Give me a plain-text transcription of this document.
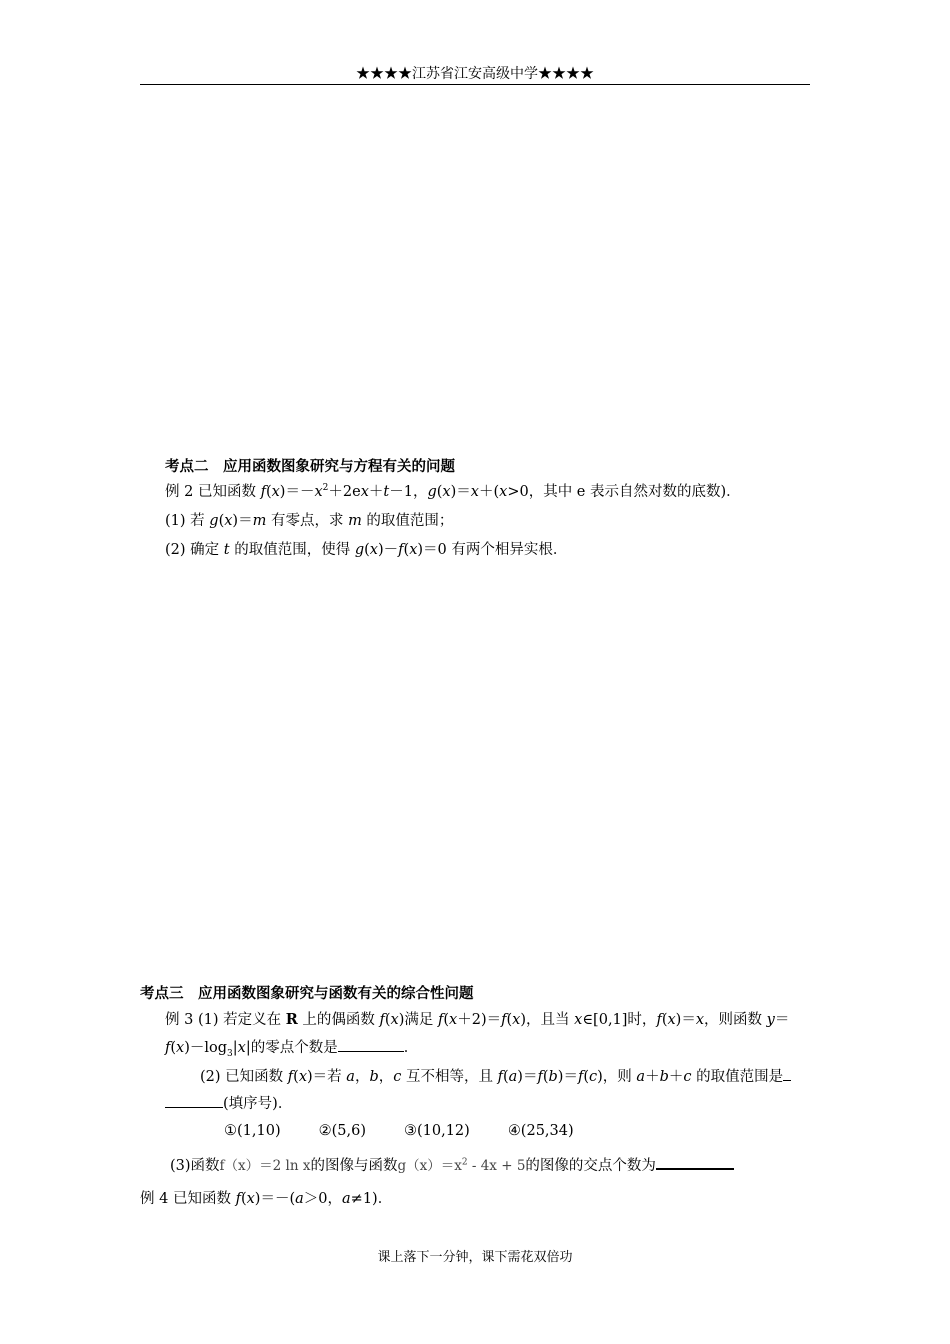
★★★★江苏省江安高级中学★★★★
考点二　应用函数图象研究与方程有关的问题
例 2 已知函数 $f(x)=-x^2+2ex+t-1$，g(x)＝x＋(x>0，其中 e 表示自然对数的底数)．
(1) 若 g(x)＝m 有零点，求 m 的取值范围；
(2) 确定 t 的取值范围，使得 g(x)－f(x)＝0 有两个相异实根．
考点三　应用函数图象研究与函数有关的综合性问题
例 3 (1) 若定义在 R 上的偶函数 f(x)满足 f(x＋2)＝f(x)，且当 x∈[0,1]时，f(x)＝x，则函数 y＝
$f(x)-\log_3|x|$的零点个数是	．
(2) 已知函数 f(x)＝若 a，b，c 互不相等，且 f(a)＝f(b)＝f(c)，则 a＋b＋c 的取值范围是
(填序号)．
①(1,10)	②(5,6)	③(10,12)	④(25,34)
(3)函数f（x）＝2 ln x的图像与函数$g(x)=x^2 - 4x + 5$的图像的交点个数为
例 4 已知函数 f(x)＝－(a＞0，a≠1)．
课上落下一分钟，课下需花双倍功
